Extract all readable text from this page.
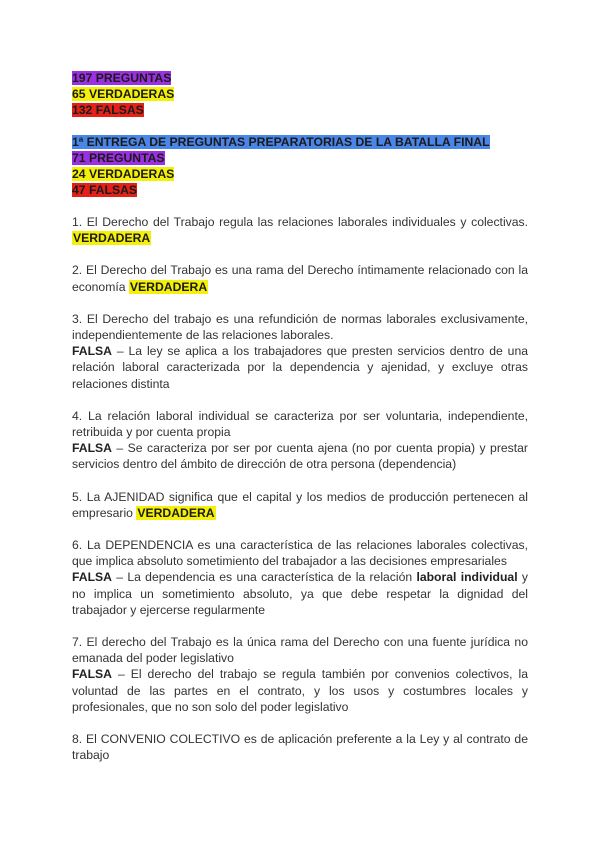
197 PREGUNTAS
65 VERDADERAS
132 FALSAS
1ª ENTREGA DE PREGUNTAS PREPARATORIAS DE LA BATALLA FINAL
71 PREGUNTAS
24 VERDADERAS
47 FALSAS
1. El Derecho del Trabajo regula las relaciones laborales individuales y colectivas. VERDADERA
2. El Derecho del Trabajo es una rama del Derecho íntimamente relacionado con la economía VERDADERA
3. El Derecho del trabajo es una refundición de normas laborales exclusivamente, independientemente de las relaciones laborales.
FALSA – La ley se aplica a los trabajadores que presten servicios dentro de una relación laboral caracterizada por la dependencia y ajenidad, y excluye otras relaciones distinta
4. La relación laboral individual se caracteriza por ser voluntaria, independiente, retribuida y por cuenta propia
FALSA – Se caracteriza por ser por cuenta ajena (no por cuenta propia) y prestar servicios dentro del ámbito de dirección de otra persona (dependencia)
5. La AJENIDAD significa que el capital y los medios de producción pertenecen al empresario VERDADERA
6. La DEPENDENCIA es una característica de las relaciones laborales colectivas, que implica absoluto sometimiento del trabajador a las decisiones empresariales
FALSA – La dependencia es una característica de la relación laboral individual y no implica un sometimiento absoluto, ya que debe respetar la dignidad del trabajador y ejercerse regularmente
7. El derecho del Trabajo es la única rama del Derecho con una fuente jurídica no emanada del poder legislativo
FALSA – El derecho del trabajo se regula también por convenios colectivos, la voluntad de las partes en el contrato, y los usos y costumbres locales y profesionales, que no son solo del poder legislativo
8. El CONVENIO COLECTIVO es de aplicación preferente a la Ley y al contrato de trabajo
